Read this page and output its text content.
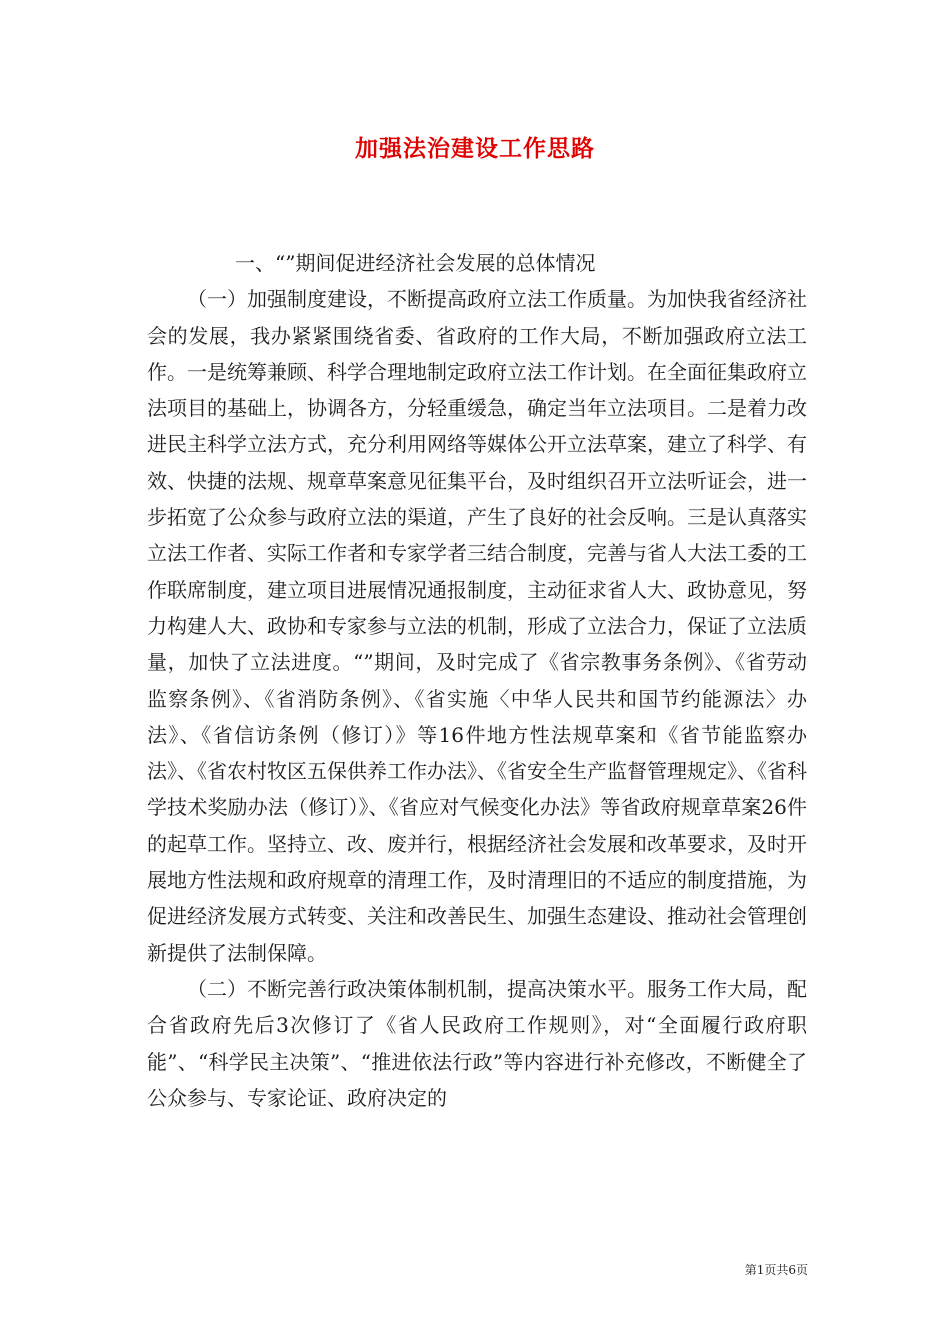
加强法治建设工作思路

一、“”期间促进经济社会发展的总体情况

（一）加强制度建设，不断提高政府立法工作质量。为加快我省经济社会的发展，我办紧紧围绕省委、省政府的工作大局，不断加强政府立法工作。一是统筹兼顾、科学合理地制定政府立法工作计划。在全面征集政府立法项目的基础上，协调各方，分轻重缓急，确定当年立法项目。二是着力改进民主科学立法方式，充分利用网络等媒体公开立法草案，建立了科学、有效、快捷的法规、规章草案意见征集平台，及时组织召开立法听证会，进一步拓宽了公众参与政府立法的渠道，产生了良好的社会反响。三是认真落实立法工作者、实际工作者和专家学者三结合制度，完善与省人大法工委的工作联席制度，建立项目进展情况通报制度，主动征求省人大、政协意见，努力构建人大、政协和专家参与立法的机制，形成了立法合力，保证了立法质量，加快了立法进度。“”期间，及时完成了《省宗教事务条例》、《省劳动监察条例》、《省消防条例》、《省实施〈中华人民共和国节约能源法〉办法》、《省信访条例（修订）》等16件地方性法规草案和《省节能监察办法》、《省农村牧区五保供养工作办法》、《省安全生产监督管理规定》、《省科学技术奖励办法（修订）》、《省应对气候变化办法》等省政府规章草案26件的起草工作。坚持立、改、废并行，根据经济社会发展和改革要求，及时开展地方性法规和政府规章的清理工作，及时清理旧的不适应的制度措施，为促进经济发展方式转变、关注和改善民生、加强生态建设、推动社会管理创新提供了法制保障。

（二）不断完善行政决策体制机制，提高决策水平。服务工作大局，配合省政府先后3次修订了《省人民政府工作规则》，对“全面履行政府职能”、“科学民主决策”、“推进依法行政”等内容进行补充修改，不断健全了公众参与、专家论证、政府决定的

第1页共6页
